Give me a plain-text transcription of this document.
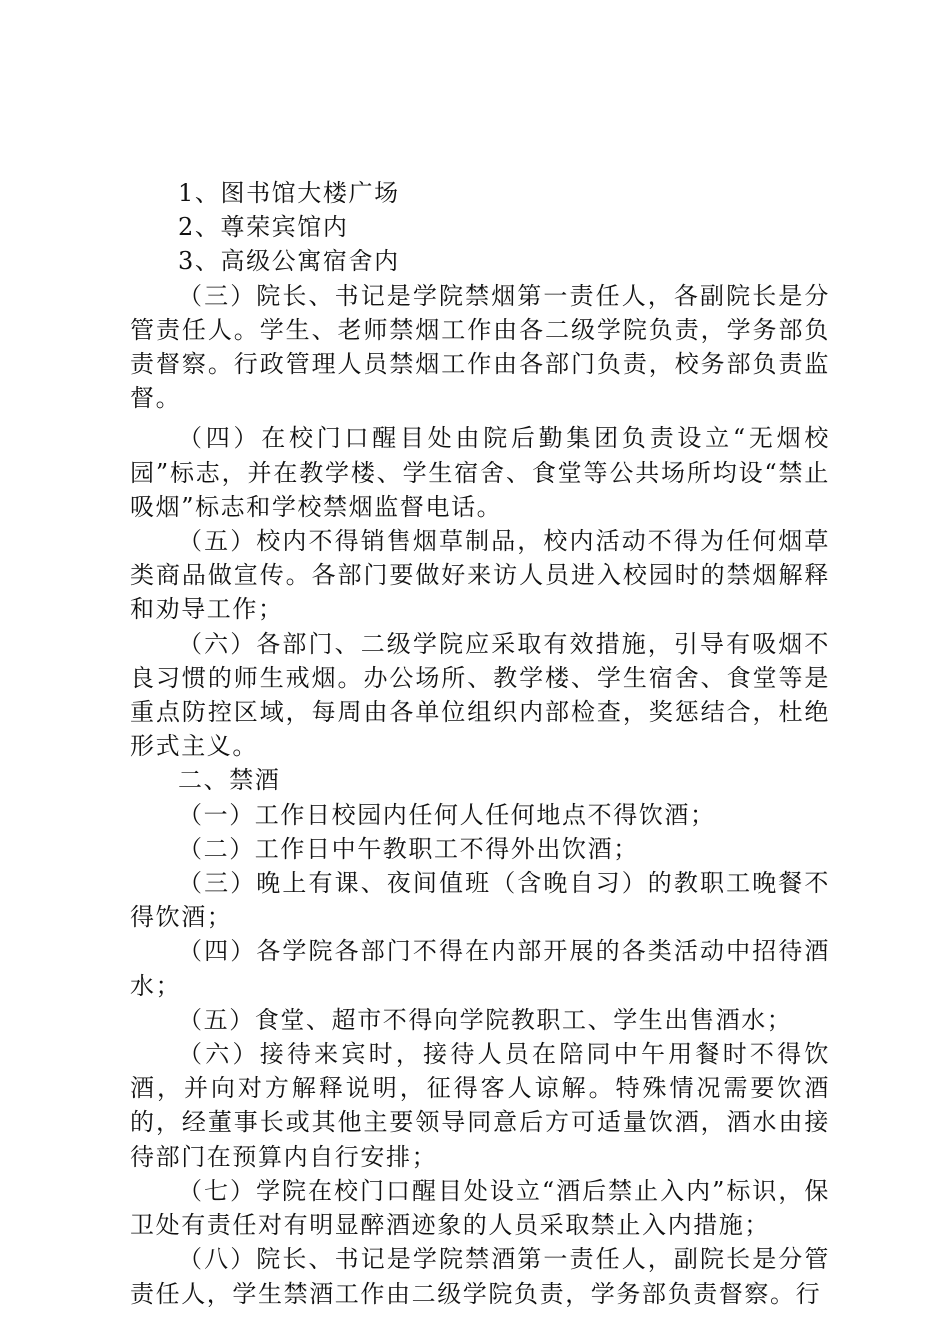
1、图书馆大楼广场

2、尊荣宾馆内

3、高级公寓宿舍内

（三）院长、书记是学院禁烟第一责任人，各副院长是分管责任人。学生、老师禁烟工作由各二级学院负责，学务部负责督察。行政管理人员禁烟工作由各部门负责，校务部负责监督。

（四）在校门口醒目处由院后勤集团负责设立“无烟校园”标志，并在教学楼、学生宿舍、食堂等公共场所均设“禁止吸烟”标志和学校禁烟监督电话。

（五）校内不得销售烟草制品，校内活动不得为任何烟草类商品做宣传。各部门要做好来访人员进入校园时的禁烟解释和劝导工作；

（六）各部门、二级学院应采取有效措施，引导有吸烟不良习惯的师生戒烟。办公场所、教学楼、学生宿舍、食堂等是重点防控区域，每周由各单位组织内部检查，奖惩结合，杜绝形式主义。

二、禁酒

（一）工作日校园内任何人任何地点不得饮酒；

（二）工作日中午教职工不得外出饮酒；

（三）晚上有课、夜间值班（含晚自习）的教职工晚餐不得饮酒；

（四）各学院各部门不得在内部开展的各类活动中招待酒水；

（五）食堂、超市不得向学院教职工、学生出售酒水；

（六）接待来宾时，接待人员在陪同中午用餐时不得饮酒，并向对方解释说明，征得客人谅解。特殊情况需要饮酒的，经董事长或其他主要领导同意后方可适量饮酒，酒水由接待部门在预算内自行安排；

（七）学院在校门口醒目处设立“酒后禁止入内”标识，保卫处有责任对有明显醉酒迹象的人员采取禁止入内措施；

（八）院长、书记是学院禁酒第一责任人，副院长是分管责任人，学生禁酒工作由二级学院负责，学务部负责督察。行
